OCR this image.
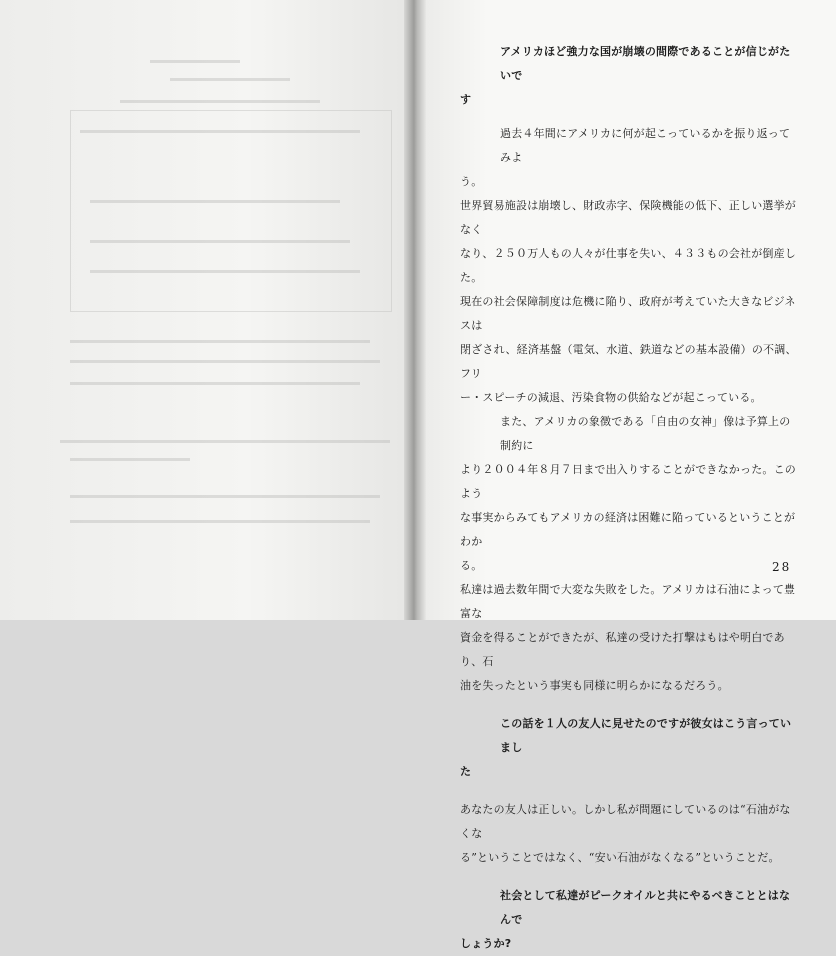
アメリカほど強力な国が崩壊の間際であることが信じがたいで
す
過去４年間にアメリカに何が起こっているかを振り返ってみよ
う。
世界貿易施設は崩壊し、財政赤字、保険機能の低下、正しい選挙がなく
なり、２５０万人もの人々が仕事を失い、４３３もの会社が倒産した。
現在の社会保障制度は危機に陥り、政府が考えていた大きなビジネスは
閉ざされ、経済基盤（電気、水道、鉄道などの基本設備）の不調、フリ
ー・スピーチの減退、汚染食物の供給などが起こっている。
また、アメリカの象徴である「自由の女神」像は予算上の制約に
より２００４年８月７日まで出入りすることができなかった。このよう
な事実からみてもアメリカの経済は困難に陥っているということがわか
る。
私達は過去数年間で大変な失敗をした。アメリカは石油によって豊富な
資金を得ることができたが、私達の受けた打撃はもはや明白であり、石
油を失ったという事実も同様に明らかになるだろう。
この話を１人の友人に見せたのですが彼女はこう言っていまし
た
あなたの友人は正しい。しかし私が問題にしているのは“石油がなくな
る”ということではなく、“安い石油がなくなる”ということだ。
社会として私達がピークオイルと共にやるべきこととはなんで
しょうか?
28
